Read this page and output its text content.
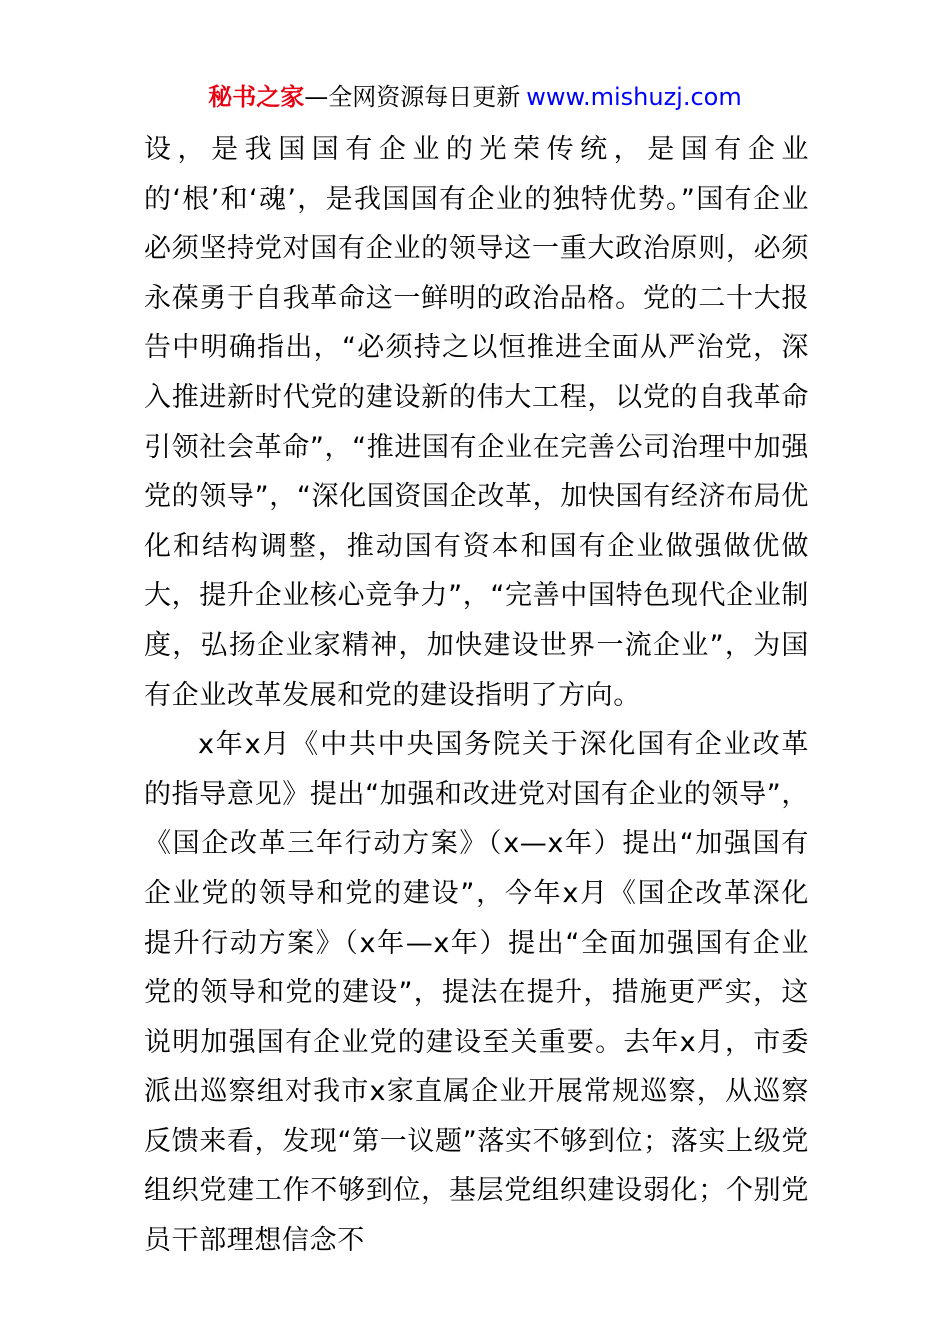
秘书之家—全网资源每日更新 www.mishuzj.com

设，是我国国有企业的光荣传统，是国有企业的‘根’和‘魂’，是我国国有企业的独特优势。”国有企业必须坚持党对国有企业的领导这一重大政治原则，必须永葆勇于自我革命这一鲜明的政治品格。党的二十大报告中明确指出，“必须持之以恒推进全面从严治党，深入推进新时代党的建设新的伟大工程，以党的自我革命引领社会革命”，“推进国有企业在完善公司治理中加强党的领导”，“深化国资国企改革，加快国有经济布局优化和结构调整，推动国有资本和国有企业做强做优做大，提升企业核心竞争力”，“完善中国特色现代企业制度，弘扬企业家精神，加快建设世界一流企业”，为国有企业改革发展和党的建设指明了方向。

x年x月《中共中央国务院关于深化国有企业改革的指导意见》提出“加强和改进党对国有企业的领导”，《国企改革三年行动方案》（x—x年）提出“加强国有企业党的领导和党的建设”，今年x月《国企改革深化提升行动方案》（x年—x年）提出“全面加强国有企业党的领导和党的建设”，提法在提升，措施更严实，这说明加强国有企业党的建设至关重要。去年x月，市委派出巡察组对我市x家直属企业开展常规巡察，从巡察反馈来看，发现“第一议题”落实不够到位；落实上级党组织党建工作不够到位，基层党组织建设弱化；个别党员干部理想信念不
